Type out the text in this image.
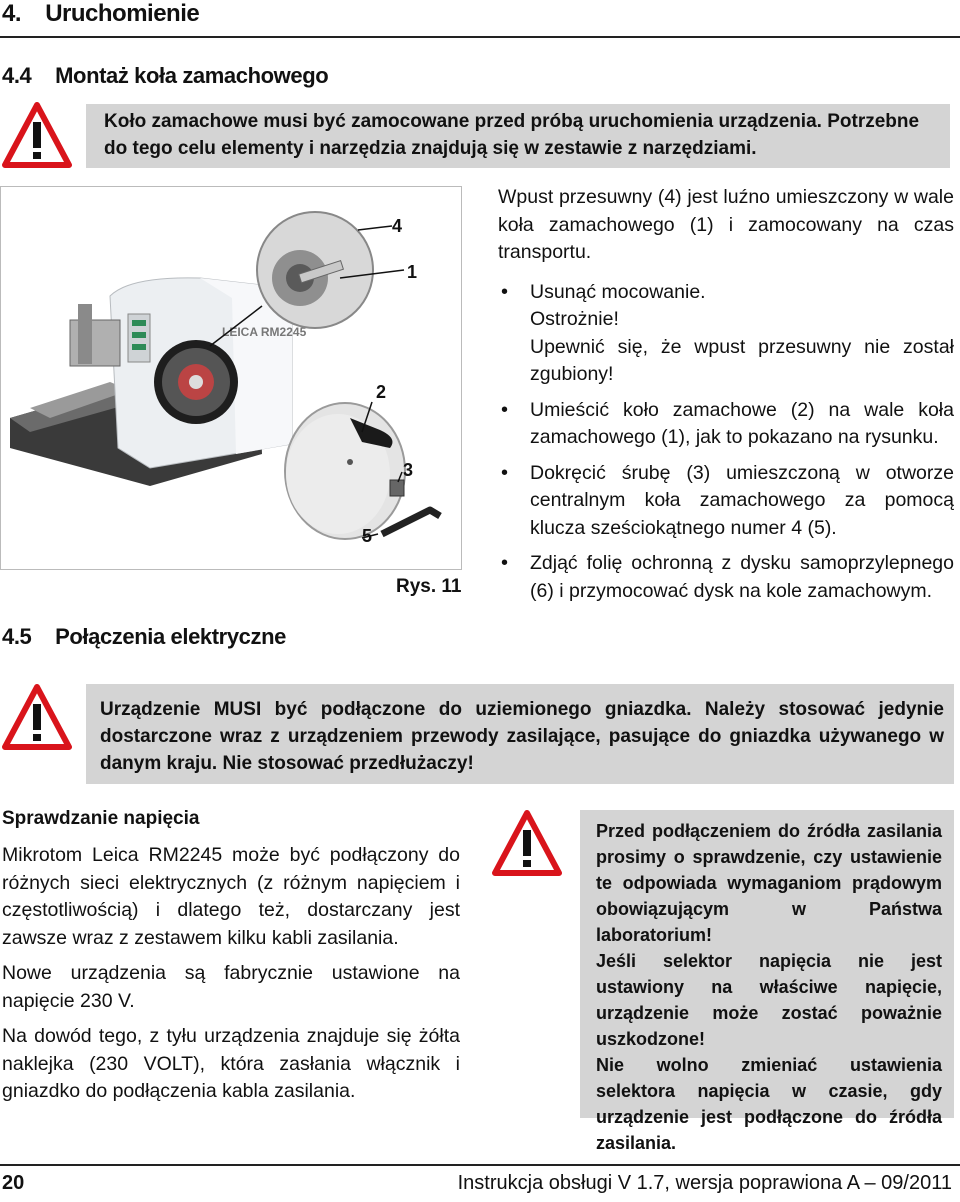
4. Uruchomienie
4.4 Montaż koła zamachowego
Koło zamachowe musi być zamocowane przed próbą uruchomienia urządzenia. Potrzebne do tego celu elementy i narzędzia znajdują się w zestawie z narzędziami.
LEICA RM2245
4
1
2
3
5
Rys. 11

Wpust przesuwny (4) jest luźno umieszczony w wale koła zamachowego (1) i zamocowany na czas transportu.

• Usunąć mocowanie.
Ostrożnie!
Upewnić się, że wpust przesuwny nie został zgubiony!
• Umieścić koło zamachowe (2) na wale koła zamachowego (1), jak to pokazano na rysunku.
• Dokręcić śrubę (3) umieszczoną w otworze centralnym koła zamachowego za pomocą klucza sześciokątnego numer 4 (5).
• Zdjąć folię ochronną z dysku samoprzylepnego (6) i przymocować dysk na kole zamachowym.
4.5 Połączenia elektryczne
Urządzenie MUSI być podłączone do uziemionego gniazdka. Należy stosować jedynie dostarczone wraz z urządzeniem przewody zasilające, pasujące do gniazdka używanego w danym kraju. Nie stosować przedłużaczy!
Sprawdzanie napięcia

Mikrotom Leica RM2245 może być podłączony do różnych sieci elektrycznych (z różnym napięciem i częstotliwością) i dlatego też, dostarczany jest zawsze wraz z zestawem kilku kabli zasilania.

Nowe urządzenia są fabrycznie ustawione na napięcie 230 V.

Na dowód tego, z tyłu urządzenia znajduje się żółta naklejka (230 VOLT), która zasłania włącznik i gniazdko do podłączenia kabla zasilania.

Przed podłączeniem do źródła zasilania prosimy o sprawdzenie, czy ustawienie te odpowiada wymaganiom prądowym obowiązującym w Państwa laboratorium!

Jeśli selektor napięcia nie jest ustawiony na właściwe napięcie, urządzenie może zostać poważnie uszkodzone!

Nie wolno zmieniać ustawienia selektora napięcia w czasie, gdy urządzenie jest podłączone do źródła zasilania.

20	Instrukcja obsługi V 1.7, wersja poprawiona A – 09/2011
